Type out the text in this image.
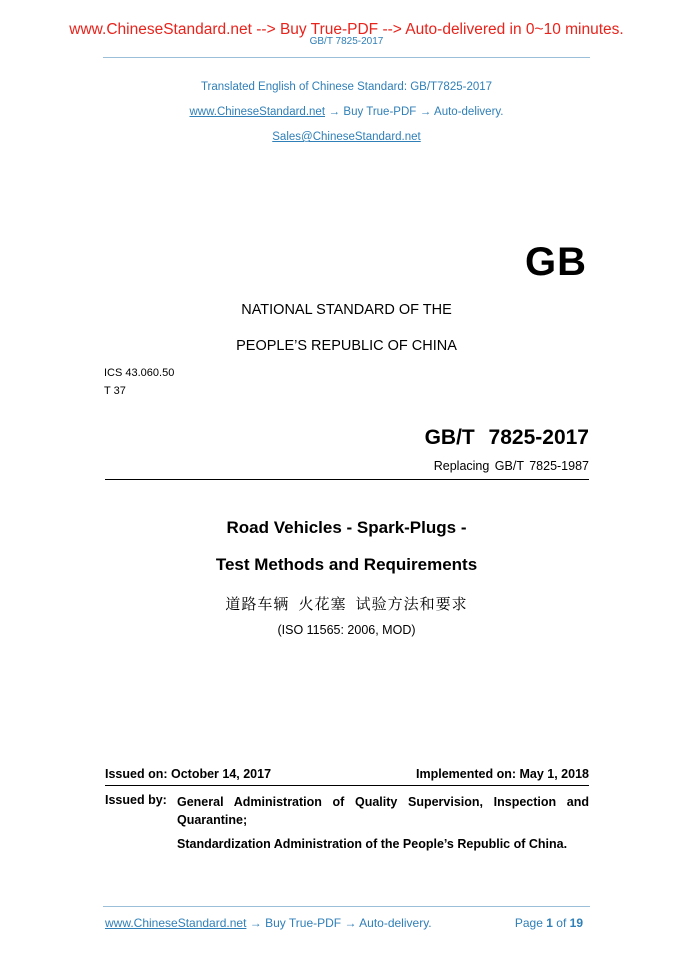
www.ChineseStandard.net --> Buy True-PDF --> Auto-delivered in 0~10 minutes.
GB/T 7825-2017
Translated English of Chinese Standard: GB/T7825-2017
www.ChineseStandard.net → Buy True-PDF → Auto-delivery.
Sales@ChineseStandard.net
GB
NATIONAL STANDARD OF THE
PEOPLE’S REPUBLIC OF CHINA
ICS 43.060.50
T 37
GB/T 7825-2017
Replacing GB/T 7825-1987
Road Vehicles - Spark-Plugs -
Test Methods and Requirements
道路车辆 火花塞 试验方法和要求
(ISO 11565: 2006, MOD)
Issued on: October 14, 2017	Implemented on: May 1, 2018
Issued by: General Administration of Quality Supervision, Inspection and Quarantine;
Standardization Administration of the People’s Republic of China.
www.ChineseStandard.net → Buy True-PDF → Auto-delivery.	Page 1 of 19
